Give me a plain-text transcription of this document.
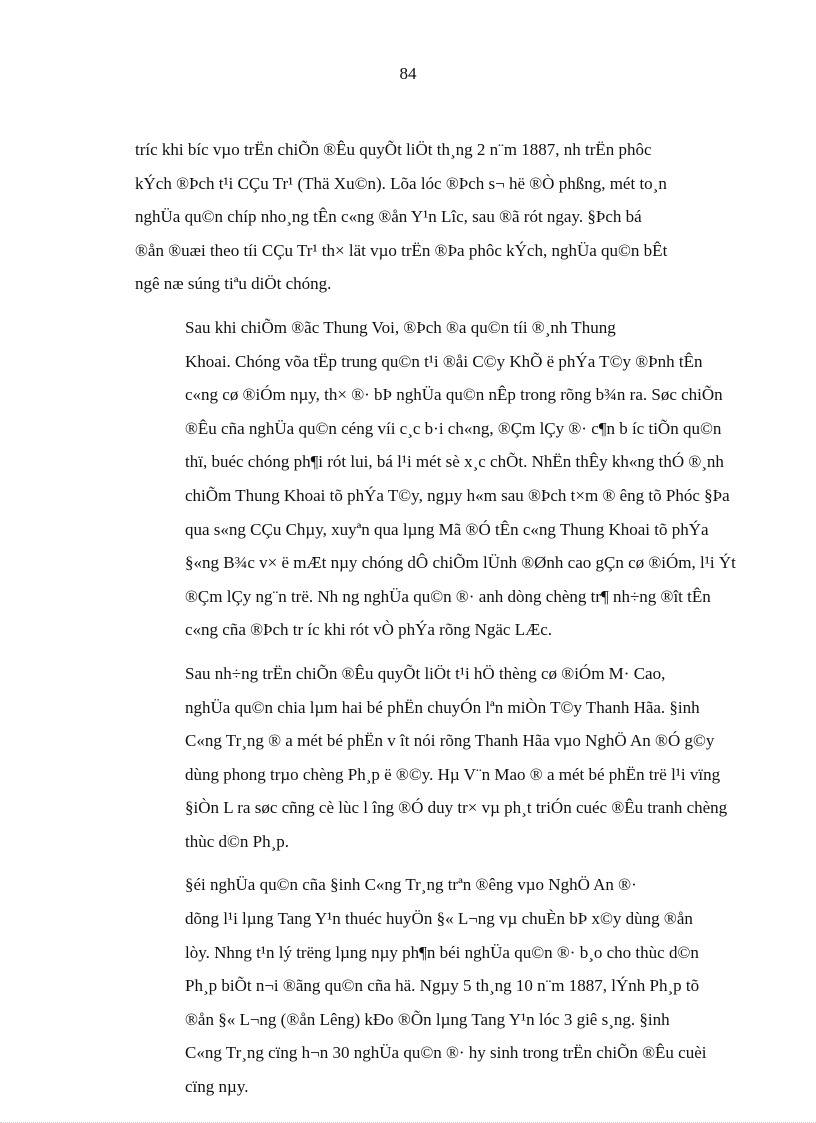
84

tríc khi bíc vµo trËn chiÕn ®Êu quyÕt liÖt th¸ng 2 n¨m 1887, nh trËn phôc
kÝch ®Þch t¹i CÇu Tr¹ (Thä Xu©n). Lõa lóc ®Þch s¬ hë ®Ò phßng, mét to¸n
nghÜa qu©n chíp nho¸ng tÊn c«ng ®ån Y¹n Lîc, sau ®ã rót ngay. §Þch bá
®ån ®uæi theo tíi CÇu Tr¹ th× lät vµo trËn ®Þa phôc kÝch, nghÜa qu©n bÊt
ngê næ súng tiªu diÖt chóng.

Sau khi chiÕm ®ãc Thung Voi, ®Þch ®a qu©n tíi ®¸nh Thung
Khoai. Chóng võa tËp trung qu©n t¹i ®åi C©y KhÕ ë phÝa T©y ®Þnh tÊn
c«ng cø ®iÓm nµy, th× ®· bÞ nghÜa qu©n nÊp trong rõng b¾n ra. Søc chiÕn
®Êu cña nghÜa qu©n céng víi c¸c b·i ch«ng, ®Çm lÇy ®· c¶n b íc tiÕn qu©n
thï, buéc chóng ph¶i rót lui, bá l¹i mét sè x¸c chÕt. NhËn thÊy kh«ng thÓ ®¸nh
chiÕm Thung Khoai tõ phÝa T©y, ngµy h«m sau ®Þch t×m ® êng tõ Phóc §Þa
qua s«ng CÇu Chµy, xuyªn qua lµng Mã ®Ó tÊn c«ng Thung Khoai tõ phÝa
§«ng B¾c v× ë mÆt nµy chóng dÔ chiÕm lÜnh ®Ønh cao gÇn cø ®iÓm, l¹i Ýt
®Çm lÇy ng¨n trë. Nh ng nghÜa qu©n ®· anh dòng chèng tr¶ nh÷ng ®ît tÊn
c«ng cña ®Þch tr íc khi rót vÒ phÝa rõng Ngäc LÆc.

Sau nh÷ng trËn chiÕn ®Êu quyÕt liÖt t¹i hÖ thèng cø ®iÓm M· Cao,
nghÜa qu©n chia lµm hai bé phËn chuyÓn lªn miÒn T©y Thanh Hãa. §inh
C«ng Tr¸ng ® a mét bé phËn v ît nói rõng Thanh Hãa vµo NghÖ An ®Ó g©y
dùng phong trµo chèng Ph¸p ë ®©y. Hµ V¨n Mao ® a mét bé phËn trë l¹i vïng
§iÒn L ra søc cñng cè lùc l îng ®Ó duy tr× vµ ph¸t triÓn cuéc ®Êu tranh chèng
thùc d©n Ph¸p.

§éi nghÜa qu©n cña §inh C«ng Tr¸ng trªn ®êng vµo NghÖ An ®·
dõng l¹i lµng Tang Y¹n thuéc huyÖn §« L¬ng vµ chuÈn bÞ x©y dùng ®ån
lòy. Nhng t¹n lý trëng lµng nµy ph¶n béi nghÜa qu©n ®· b¸o cho thùc d©n
Ph¸p biÕt n¬i ®ãng qu©n cña hä. Ngµy 5 th¸ng 10 n¨m 1887, lÝnh Ph¸p tõ
®ån §« L¬ng (®ån Lêng) kÐo ®Õn lµng Tang Y¹n lóc 3 giê s¸ng. §inh
C«ng Tr¸ng cïng h¬n 30 nghÜa qu©n ®· hy sinh trong trËn chiÕn ®Êu cuèi
cïng nµy.
